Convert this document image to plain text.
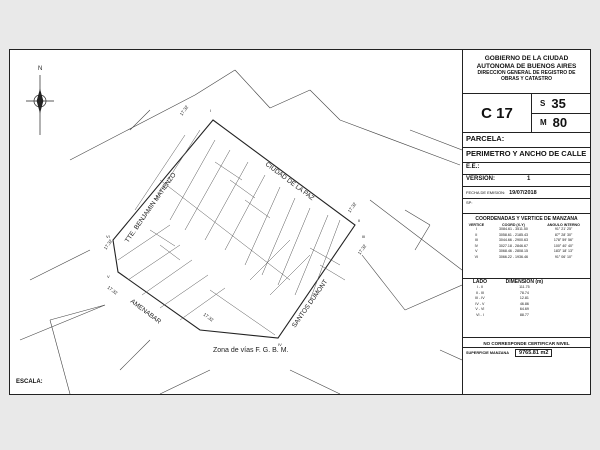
N
CIUDAD DE LA PAZ
TTE. BENJAMIN MATIENZO
AMENABAR	SANTOS DUMONT
Zona de vías F. G. B. M.
17.32
17.32
17.32
17.32
17.32
17.32
I
II
III
IV
V
VI
ESCALA:
GOBIERNO DE LA CIUDAD
AUTONOMA DE BUENOS AIRES
DIRECCION GENERAL DE REGISTRO DE
OBRAS Y CATASTRO
C 17
S 35
M 80
PARCELA:
PERIMETRO Y ANCHO DE CALLE
E.E.:
VERSION:	1
FECHA DE EMISION: 19/07/2018
SP:
COORDENADAS Y VERTICE DE MANZANA
VERTICE	COORD (X-Y)	ANGULO INTERNO
I	3084.61 - 3511.50	91° 21' 25"
II	3058.61 - 2185.43	87° 28' 30"
III	3044.66 - 2900.63	178° 59' 56"
IV	3027.18 - 2846.67	100° 40' 40"
V	3068.46 - 2808.15	183° 18' 13"
VI	3066.22 - 1936.46	91° 06' 10"
LADO	DIMENSION (m)
I - II	111.75
II - III	78.74
III - IV	12.81
IV - V	46.86
V - VI	64.69
VI - I	88.77
NO CORRESPONDE CERTIFICAR NIVEL
SUPERFICIE MANZANA	9765.81 m2
